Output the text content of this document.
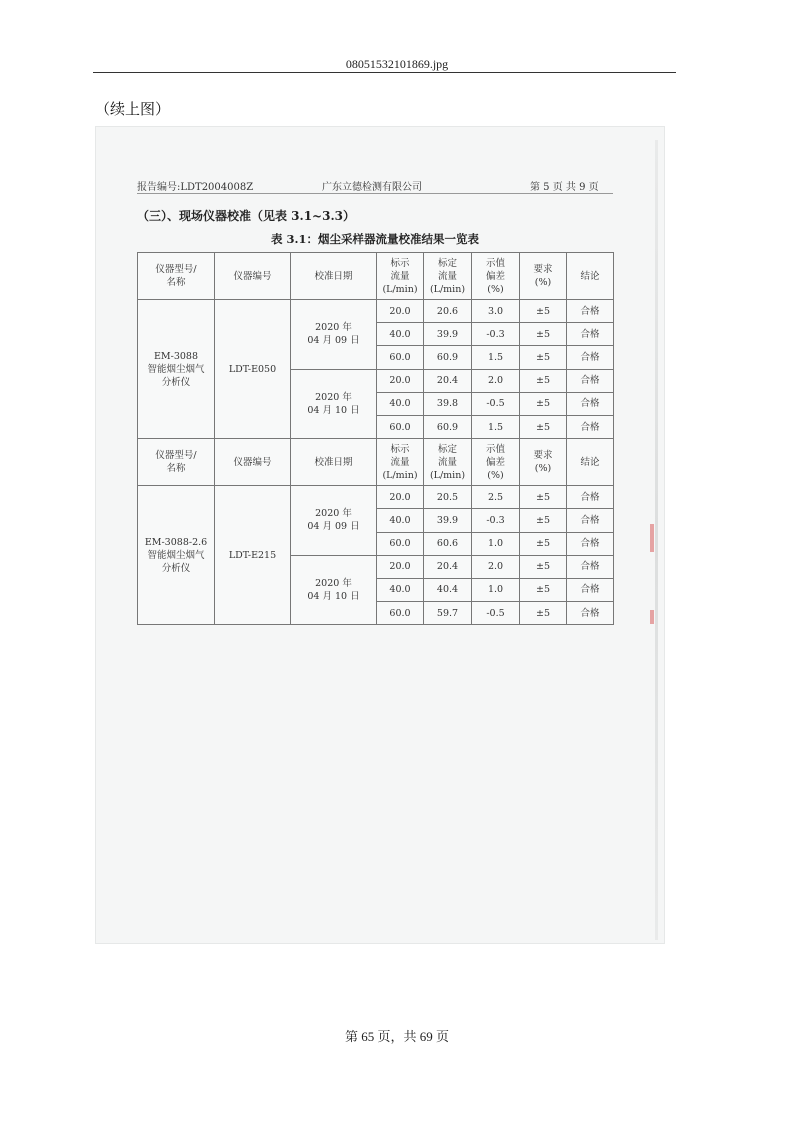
08051532101869.jpg
（续上图）
报告编号:LDT2004008Z	广东立德检测有限公司	第 5 页 共 9 页
（三）、现场仪器校准（见表 3.1~3.3）
表 3.1：烟尘采样器流量校准结果一览表
仪器型号/
名称	仪器编号	校准日期	标示
流量
(L/min)	标定
流量
(L/min)	示值
偏差
(%)	要求
(%)	结论
EM-3088
智能烟尘烟气
分析仪	LDT-E050	2020 年
04 月 09 日	20.0	20.6	3.0	±5	合格
			40.0	39.9	-0.3	±5	合格
			60.0	60.9	1.5	±5	合格
		2020 年
04 月 10 日	20.0	20.4	2.0	±5	合格
			40.0	39.8	-0.5	±5	合格
			60.0	60.9	1.5	±5	合格
仪器型号/
名称	仪器编号	校准日期	标示
流量
(L/min)	标定
流量
(L/min)	示值
偏差
(%)	要求
(%)	结论
EM-3088-2.6
智能烟尘烟气
分析仪	LDT-E215	2020 年
04 月 09 日	20.0	20.5	2.5	±5	合格
			40.0	39.9	-0.3	±5	合格
			60.0	60.6	1.0	±5	合格
		2020 年
04 月 10 日	20.0	20.4	2.0	±5	合格
			40.0	40.4	1.0	±5	合格
			60.0	59.7	-0.5	±5	合格
第 65 页，共 69 页
